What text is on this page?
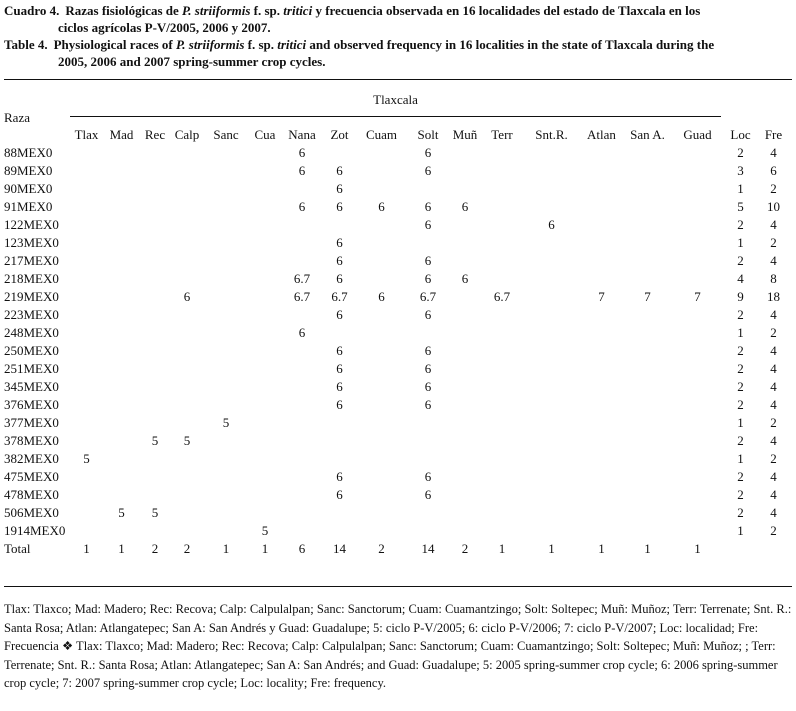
Cuadro 4. Razas fisiológicas de P. striiformis f. sp. tritici y frecuencia observada en 16 localidades del estado de Tlaxcala en los
ciclos agrícolas P-V/2005, 2006 y 2007.
Table 4. Physiological races of P. striiformis f. sp. tritici and observed frequency in 16 localities in the state of Tlaxcala during the
2005, 2006 and 2007 spring-summer crop cycles.
Tlaxcala
Raza
	Tlax	Mad	Rec	Calp	Sanc	Cua	Nana	Zot	Cuam	Solt	Muñ	Terr	Snt.R.	Atlan	San A.	Guad	Loc	Fre
88MEX0							6			6							2	4
89MEX0							6	6		6							3	6
90MEX0								6									1	2
91MEX0							6	6	6	6	6						5	10
122MEX0										6			6				2	4
123MEX0								6									1	2
217MEX0								6		6							2	4
218MEX0							6.7	6		6	6						4	8
219MEX0				6			6.7	6.7	6	6.7		6.7		7	7	7	9	18
223MEX0								6		6							2	4
248MEX0							6										1	2
250MEX0								6		6							2	4
251MEX0								6		6							2	4
345MEX0								6		6							2	4
376MEX0								6		6							2	4
377MEX0					5												1	2
378MEX0			5	5													2	4
382MEX0	5																1	2
475MEX0								6		6							2	4
478MEX0								6		6							2	4
506MEX0		5	5														2	4
1914MEX0						5											1	2
Total	1	1	2	2	1	1	6	14	2	14	2	1	1	1	1	1		
Tlax: Tlaxco; Mad: Madero; Rec: Recova; Calp: Calpulalpan; Sanc: Sanctorum; Cuam: Cuamantzingo; Solt: Soltepec; Muñ: Muñoz; Terr: Terrenate; Snt. R.: Santa Rosa; Atlan: Atlangatepec; San A: San Andrés y Guad: Guadalupe; 5: ciclo P-V/2005; 6: ciclo P-V/2006; 7: ciclo P-V/2007; Loc: localidad; Fre: Frecuencia ❖ Tlax: Tlaxco; Mad: Madero; Rec: Recova; Calp: Calpulalpan; Sanc: Sanctorum; Cuam: Cuamantzingo; Solt: Soltepec; Muñ: Muñoz; ; Terr: Terrenate; Snt. R.: Santa Rosa; Atlan: Atlangatepec; San A: San Andrés; and Guad: Guadalupe; 5: 2005 spring-summer crop cycle; 6: 2006 spring-summer crop cycle; 7: 2007 spring-summer crop cycle; Loc: locality; Fre: frequency.
